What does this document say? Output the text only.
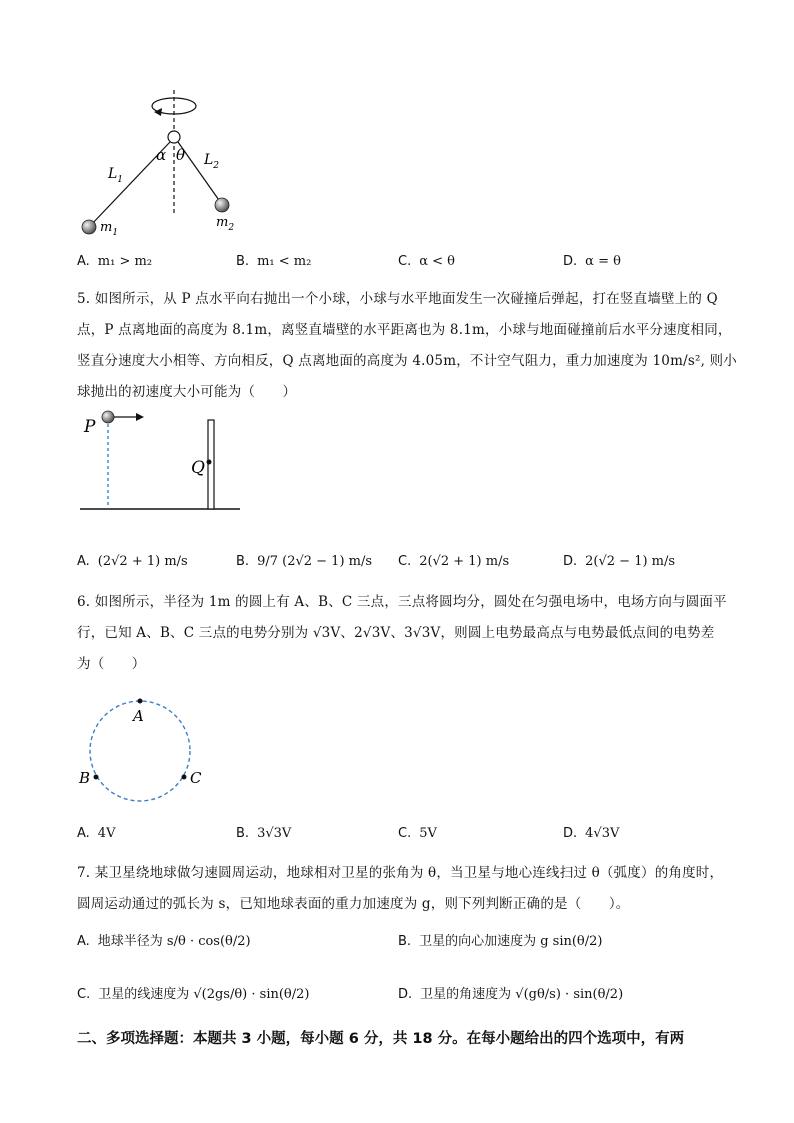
α θ
$L_1$
$L_2$
$m_1$
$m_2$
A. m₁ > m₂	B. m₁ < m₂	C. α < θ	D. α = θ
5. 如图所示，从 P 点水平向右抛出一个小球，小球与水平地面发生一次碰撞后弹起，打在竖直墙壁上的 Q
点，P 点离地面的高度为 8.1m，离竖直墙壁的水平距离也为 8.1m，小球与地面碰撞前后水平分速度相同，
竖直分速度大小相等、方向相反，Q 点离地面的高度为 4.05m，不计空气阻力，重力加速度为 10m/s², 则小
球抛出的初速度大小可能为（　　）
P
Q
A. (2√2 + 1) m/s	B. 9/7 (2√2 − 1) m/s C. 2(√2 + 1) m/s	D. 2(√2 − 1) m/s
6. 如图所示，半径为 1m 的圆上有 A、B、C 三点，三点将圆均分，圆处在匀强电场中，电场方向与圆面平
行，已知 A、B、C 三点的电势分别为 √3V、2√3V、3√3V，则圆上电势最高点与电势最低点间的电势差
为（　　）
A
B	C
A. 4V	B. 3√3V	C. 5V	D. 4√3V
7. 某卫星绕地球做匀速圆周运动，地球相对卫星的张角为 θ，当卫星与地心连线扫过 θ（弧度）的角度时，
圆周运动通过的弧长为 s，已知地球表面的重力加速度为 g，则下列判断正确的是（　　）。
A. 地球半径为 s/θ · cos(θ/2)	B. 卫星的向心加速度为 g sin(θ/2)
C. 卫星的线速度为 √(2gs/θ) · sin(θ/2)	D. 卫星的角速度为 √(gθ/s) · sin(θ/2)
二、多项选择题：本题共 3 小题，每小题 6 分，共 18 分。在每小题给出的四个选项中，有两
